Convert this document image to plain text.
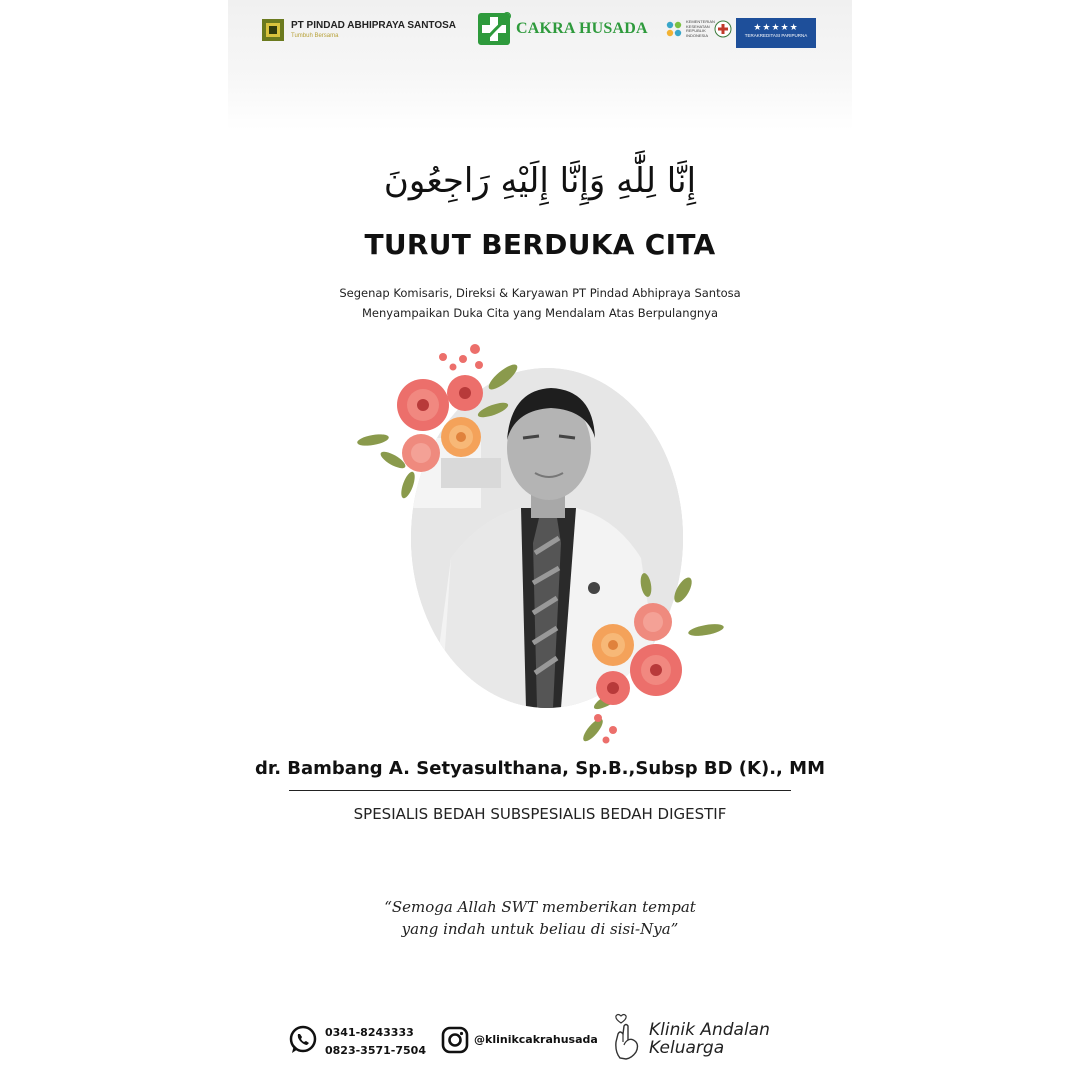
PT PINDAD ABHIPRAYA SANTOSA
Tumbuh Bersama	CAKRA HUSADA	KEMENTERIAN KESEHATAN REPUBLIK INDONESIA
★★★★★
TERAKREDITASI PARIPURNA
إِنَّا لِلَّٰهِ وَإِنَّا إِلَيْهِ رَاجِعُونَ
TURUT BERDUKA CITA
Segenap Komisaris, Direksi & Karyawan PT Pindad Abhipraya Santosa
Menyampaikan Duka Cita yang Mendalam Atas Berpulangnya
dr. Bambang A. Setyasulthana, Sp.B.,Subsp BD (K)., MM
SPESIALIS BEDAH SUBSPESIALIS BEDAH DIGESTIF
“Semoga Allah SWT memberikan tempat
yang indah untuk beliau di sisi-Nya”
0341-8243333
0823-3571-7504
@klinikcakrahusada	Klinik Andalan
Keluarga
